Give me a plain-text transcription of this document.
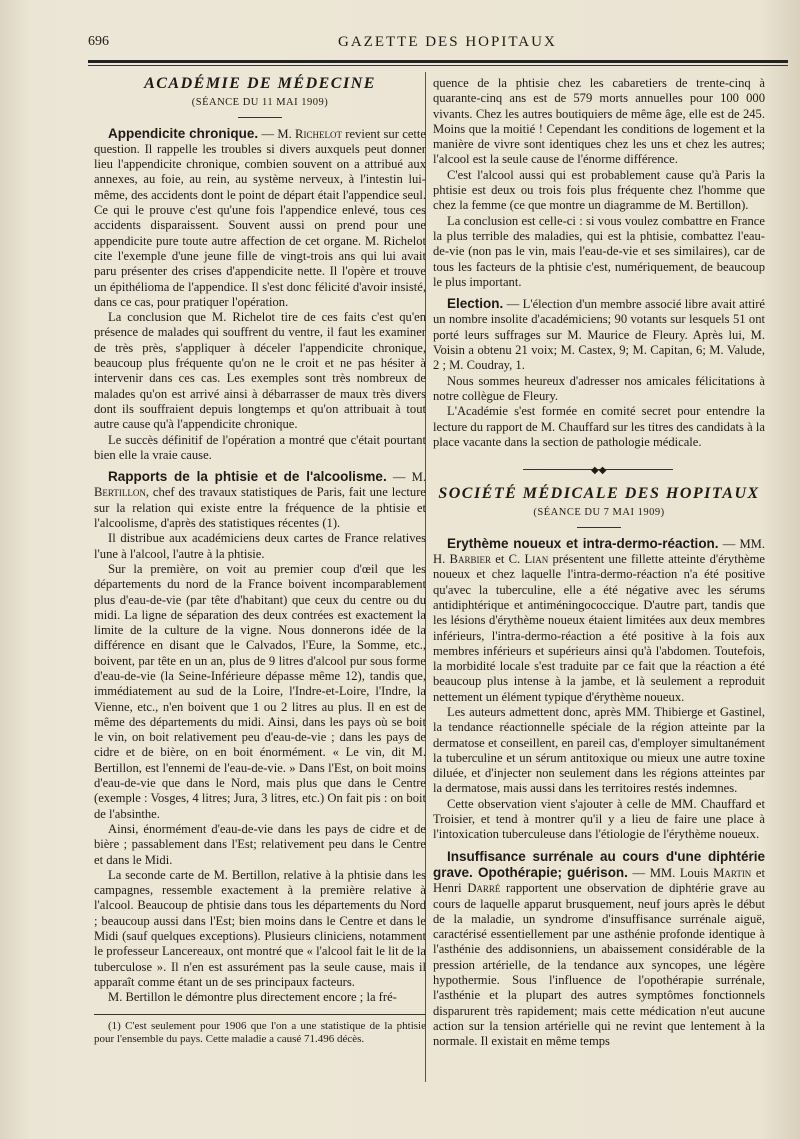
696	GAZETTE DES HOPITAUX

ACADÉMIE DE MÉDECINE

(SÉANCE DU 11 MAI 1909)

Appendicite chronique. — M. Richelot revient sur cette question. Il rappelle les troubles si divers auxquels peut donner lieu l'appendicite chronique, combien souvent on a attribué aux annexes, au foie, au rein, au système nerveux, à l'intestin lui-même, des accidents dont le point de départ était l'appendice seul. Ce qui le prouve c'est qu'une fois l'appendice enlevé, tous ces accidents disparaissent. Souvent aussi on prend pour une appendicite pure toute autre affection de cet organe. M. Richelot cite l'exemple d'une jeune fille de vingt-trois ans qui lui avait paru présenter des crises d'appendicite nette. Il l'opère et trouve un épithélioma de l'appendice. Il s'est donc félicité d'avoir insisté, dans ce cas, pour pratiquer l'opération.

La conclusion que M. Richelot tire de ces faits c'est qu'en présence de malades qui souffrent du ventre, il faut les examiner de très près, s'appliquer à déceler l'appendicite chronique, beaucoup plus fréquente qu'on ne le croit et ne pas hésiter à intervenir dans ces cas. Les exemples sont très nombreux de malades qu'on est arrivé ainsi à débarrasser de maux très divers dont ils souffraient depuis longtemps et qu'on attribuait à tout autre cause qu'à l'appendicite chronique.

Le succès définitif de l'opération a montré que c'était pourtant bien elle la vraie cause.

Rapports de la phtisie et de l'alcoolisme. — M. Bertillon, chef des travaux statistiques de Paris, fait une lecture sur la relation qui existe entre la fréquence de la phtisie et l'alcoolisme, d'après des statistiques récentes (1).

Il distribue aux académiciens deux cartes de France relatives l'une à l'alcool, l'autre à la phtisie.

Sur la première, on voit au premier coup d'œil que les départements du nord de la France boivent incomparablement plus d'eau-de-vie (par tête d'habitant) que ceux du centre ou du midi. La ligne de séparation des deux contrées est exactement la limite de la culture de la vigne. Nous donnerons idée de la différence en disant que le Calvados, l'Eure, la Somme, etc., boivent, par tête en un an, plus de 9 litres d'alcool pur sous forme d'eau-de-vie (la Seine-Inférieure dépasse même 12), tandis que, immédiatement au sud de la Loire, l'Indre-et-Loire, l'Indre, la Vienne, etc., n'en boivent que 1 ou 2 litres au plus. Il en est de même des départements du midi. Ainsi, dans les pays où se boit le vin, on boit relativement peu d'eau-de-vie ; dans les pays de cidre et de bière, on en boit énormément. « Le vin, dit M. Bertillon, est l'ennemi de l'eau-de-vie. » Dans l'Est, on boit moins d'eau-de-vie que dans le Nord, mais plus que dans le Centre (exemple : Vosges, 4 litres; Jura, 3 litres, etc.) On fait pis : on boit de l'absinthe.

Ainsi, énormément d'eau-de-vie dans les pays de cidre et de bière ; passablement dans l'Est; relativement peu dans le Centre et dans le Midi.

La seconde carte de M. Bertillon, relative à la phtisie dans les campagnes, ressemble exactement à la première relative à l'alcool. Beaucoup de phtisie dans tous les départements du Nord ; beaucoup aussi dans l'Est; bien moins dans le Centre et dans le Midi (sauf quelques exceptions). Plusieurs cliniciens, notamment le professeur Lancereaux, ont montré que « l'alcool fait le lit de la tuberculose ». Il n'en est assurément pas la seule cause, mais il apparaît comme étant un de ses principaux facteurs.

M. Bertillon le démontre plus directement encore ; la fré-

(1) C'est seulement pour 1906 que l'on a une statistique de la phtisie pour l'ensemble du pays. Cette maladie a causé 71.496 décès.

quence de la phtisie chez les cabaretiers de trente-cinq à quarante-cinq ans est de 579 morts annuelles pour 100 000 vivants. Chez les autres boutiquiers de même âge, elle est de 245. Moins que la moitié ! Cependant les conditions de logement et la manière de vivre sont identiques chez les uns et chez les autres; l'alcool est la seule cause de l'énorme différence.

C'est l'alcool aussi qui est probablement cause qu'à Paris la phtisie est deux ou trois fois plus fréquente chez l'homme que chez la femme (ce que montre un diagramme de M. Bertillon).

La conclusion est celle-ci : si vous voulez combattre en France la plus terrible des maladies, qui est la phtisie, combattez l'eau-de-vie (non pas le vin, mais l'eau-de-vie et ses similaires), car de tous les facteurs de la phtisie c'est, numériquement, de beaucoup le plus important.

Election. — L'élection d'un membre associé libre avait attiré un nombre insolite d'académiciens; 90 votants sur lesquels 51 ont porté leurs suffrages sur M. Maurice de Fleury. Après lui, M. Voisin a obtenu 21 voix; M. Castex, 9; M. Capitan, 6; M. Valude, 2 ; M. Coudray, 1.

Nous sommes heureux d'adresser nos amicales félicitations à notre collègue de Fleury.

L'Académie s'est formée en comité secret pour entendre la lecture du rapport de M. Chauffard sur les titres des candidats à la place vacante dans la section de pathologie médicale.

◆◆

SOCIÉTÉ MÉDICALE DES HOPITAUX

(SÉANCE DU 7 MAI 1909)

Erythème noueux et intra-dermo-réaction. — MM. H. Barbier et C. Lian présentent une fillette atteinte d'érythème noueux et chez laquelle l'intra-dermo-réaction n'a été positive qu'avec la tuberculine, elle a été négative avec les sérums antidiphtérique et antiméningococcique. D'autre part, tandis que les lésions d'érythème noueux étaient limitées aux deux membres inférieurs, l'intra-dermo-réaction a été positive à la fois aux membres inférieurs et supérieurs ainsi qu'à l'abdomen. Toutefois, la morbidité locale s'est traduite par ce fait que la réaction a été beaucoup plus intense à la jambe, et là seulement a reproduit nettement un élément typique d'érythème noueux.

Les auteurs admettent donc, après MM. Thibierge et Gastinel, la tendance réactionnelle spéciale de la région atteinte par la dermatose et conseillent, en pareil cas, d'employer simultanément la tuberculine et un sérum antitoxique ou mieux une autre toxine diluée, et d'injecter non seulement dans les régions atteintes par la dermatose, mais aussi dans les territoires restés indemnes.

Cette observation vient s'ajouter à celle de MM. Chauffard et Troisier, et tend à montrer qu'il y a lieu de faire une place à l'intoxication tuberculeuse dans l'étiologie de l'érythème noueux.

Insuffisance surrénale au cours d'une diphtérie grave. Opothérapie; guérison. — MM. Louis Martin et Henri Darré rapportent une observation de diphtérie grave au cours de laquelle apparut brusquement, neuf jours après le début de la maladie, un syndrome d'insuffisance surrénale aiguë, caractérisé essentiellement par une asthénie profonde identique à l'asthénie des addisonniens, un abaissement considérable de la pression artérielle, de la tendance aux syncopes, une légère hypothermie. Sous l'influence de l'opothérapie surrénale, l'asthénie et la plupart des autres symptômes fonctionnels disparurent très rapidement; mais cette médication n'eut aucune action sur la tension artérielle qui ne revint que lentement à la normale. Il existait en même temps
